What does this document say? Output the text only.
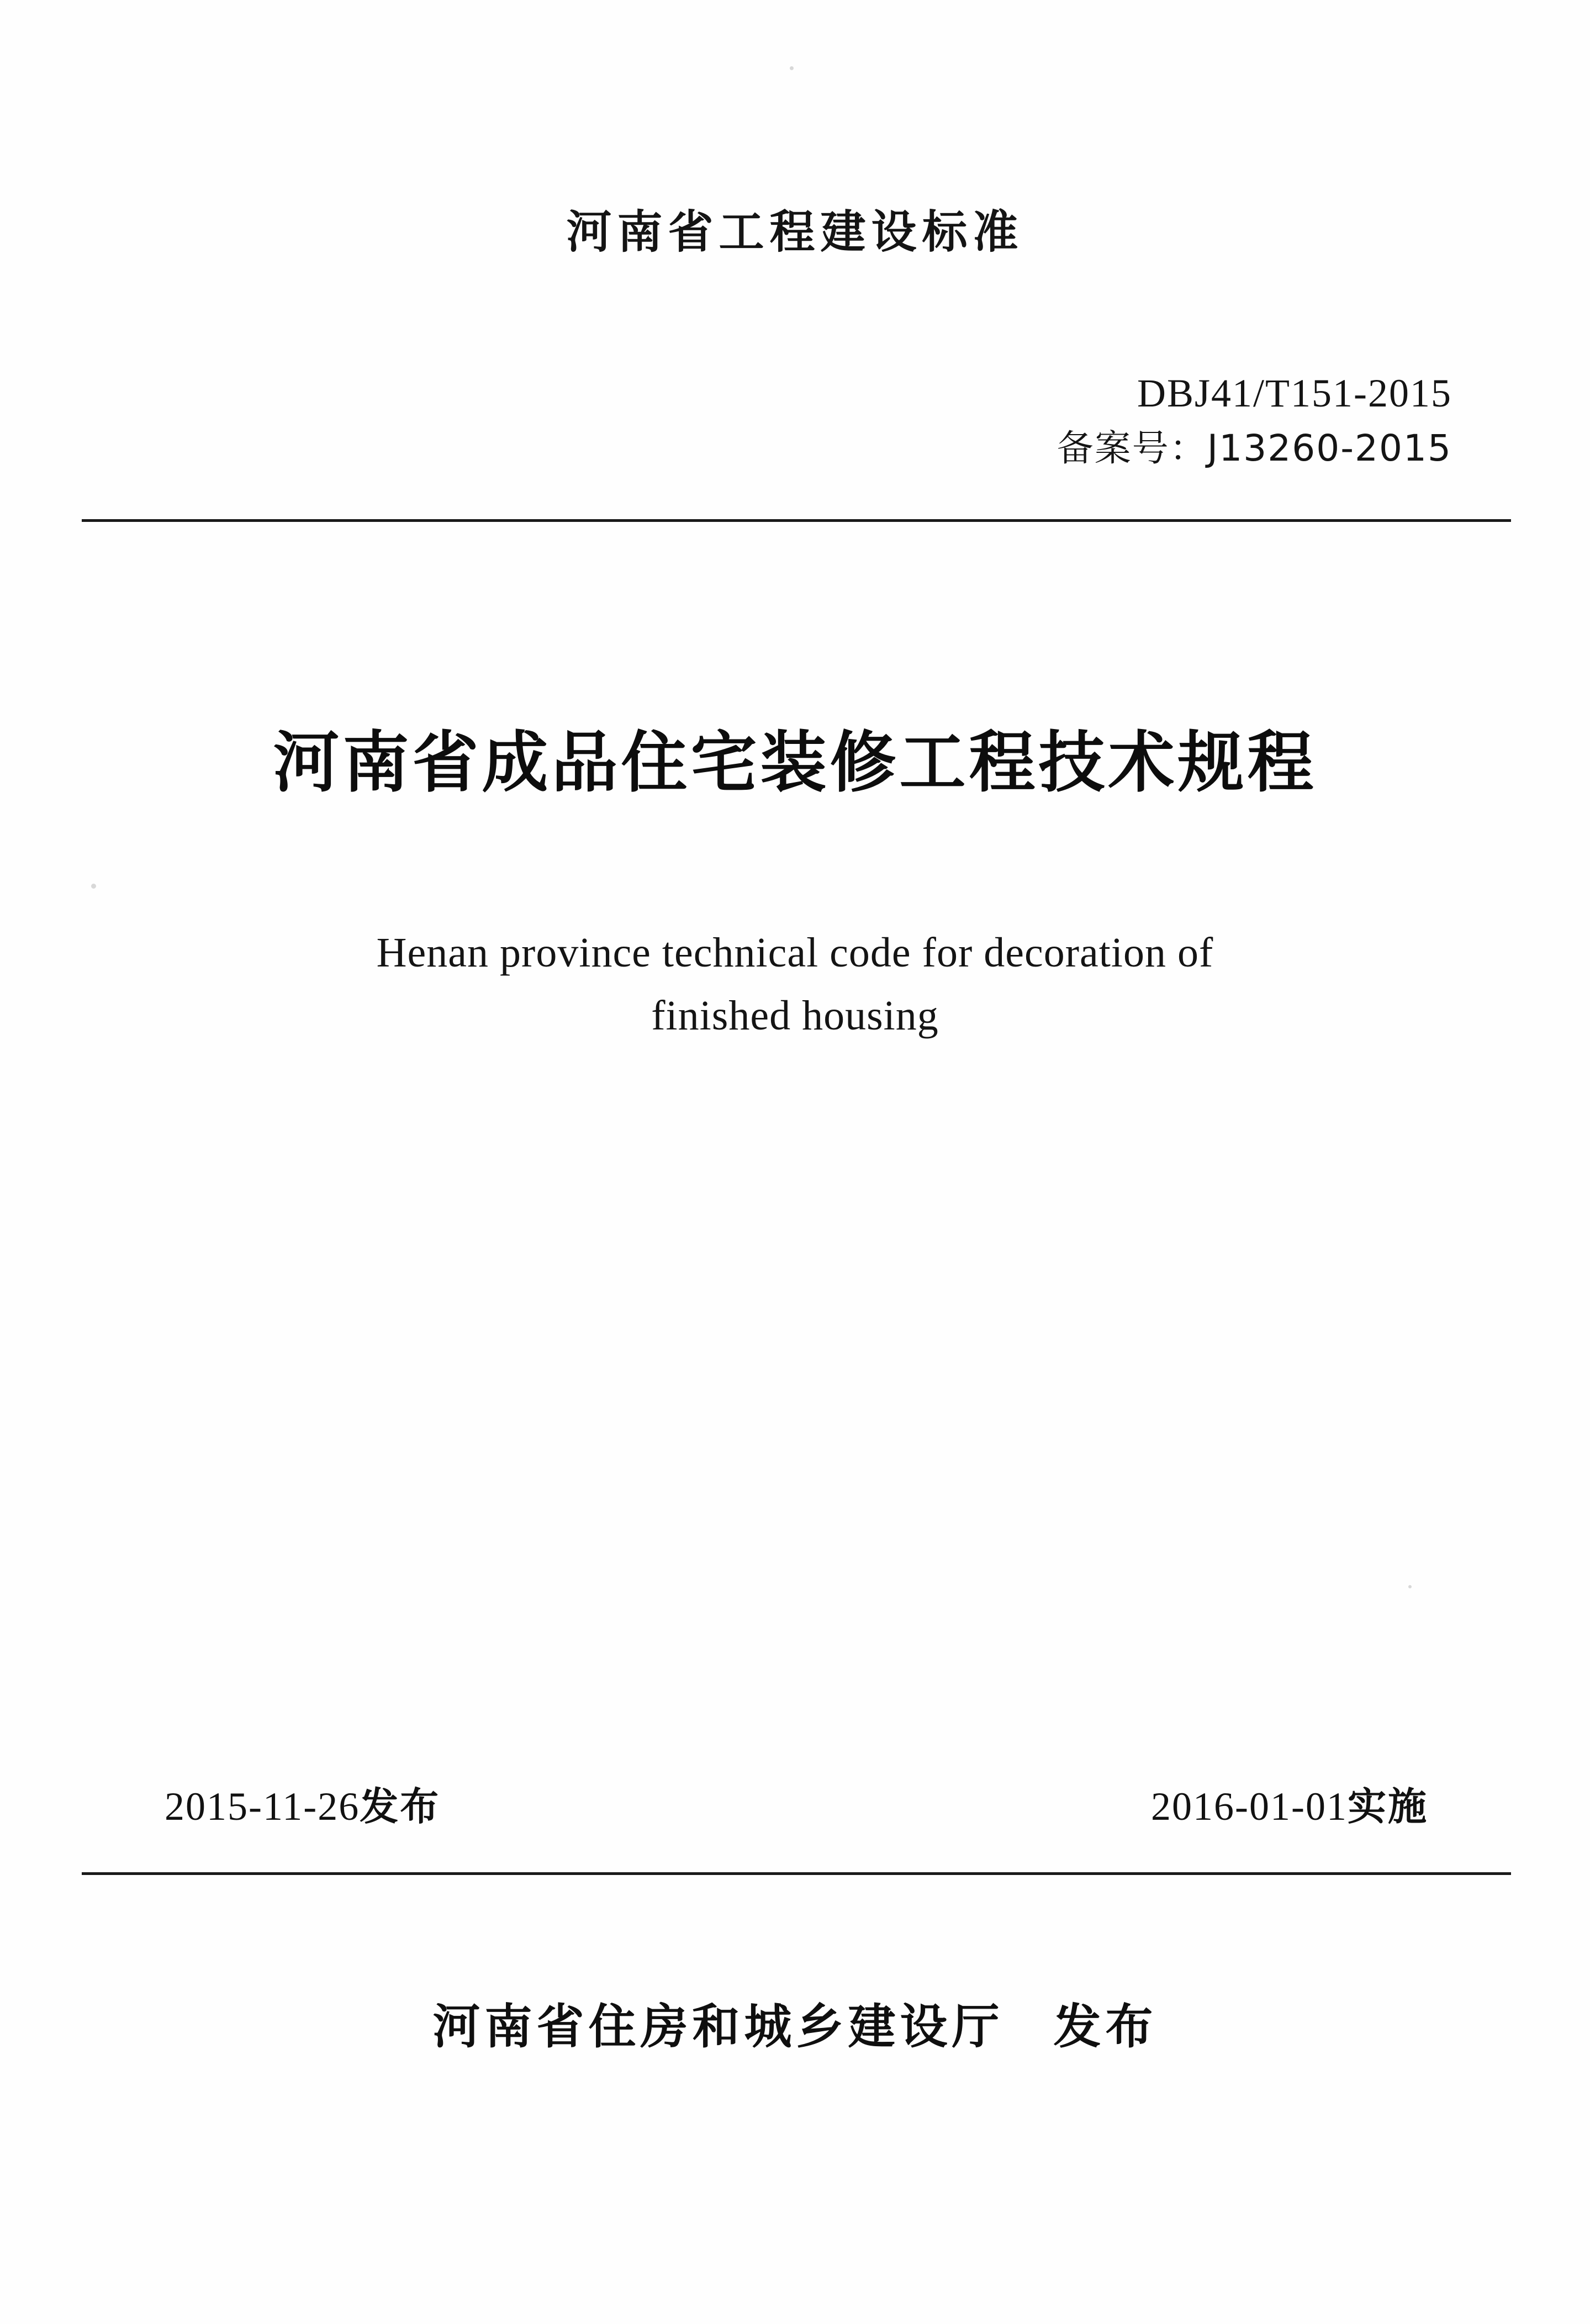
河南省工程建设标准
DBJ41/T151-2015
备案号：J13260-2015
河南省成品住宅装修工程技术规程
Henan province technical code for decoration of
finished housing
2015-11-26发布	2016-01-01实施
河南省住房和城乡建设厅 发布
